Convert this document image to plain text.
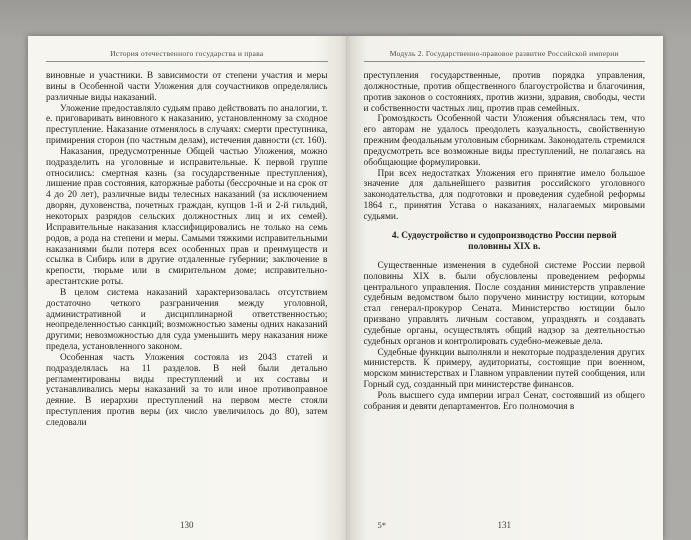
История отечественного государства и права

виновные и участники. В зависимости от степени участия и меры вины в Особенной части Уложения для соучастников определялись различные виды наказаний.

Уложение предоставляло судьям право действовать по аналогии, т. е. приговаривать виновного к наказанию, установленному за сходное преступление. Наказание отменялось в случаях: смерти преступника, примирения сторон (по частным делам), истечения давности (ст. 160).

Наказания, предусмотренные Общей частью Уложения, можно подразделить на уголовные и исправительные. К первой группе относились: смертная казнь (за государственные преступления), лишение прав состояния, каторжные работы (бессрочные и на срок от 4 до 20 лет), различные виды телесных наказаний (за исключением дворян, духовенства, почетных граждан, купцов 1-й и 2-й гильдий, некоторых разрядов сельских должностных лиц и их семей). Исправительные наказания классифицировались не только на семь родов, а рода на степени и меры. Самыми тяжкими исправительными наказаниями были потеря всех особенных прав и преимуществ и ссылка в Сибирь или в другие отдаленные губернии; заключение в крепости, тюрьме или в смирительном доме; исправительно-арестантские роты.

В целом система наказаний характеризовалась отсутствием достаточно четкого разграничения между уголовной, административной и дисциплинарной ответственностью; неопределенностью санкций; возможностью замены одних наказаний другими; невозможностью для суда уменьшить меру наказания ниже предела, установленного законом.

Особенная часть Уложения состояла из 2043 статей и подразделялась на 11 разделов. В ней были детально регламентированы виды преступлений и их составы и устанавливались меры наказаний за то или иное противоправное деяние. В иерархии преступлений на первом месте стояли преступления против веры (их число увеличилось до 80), затем следовали

130
Модуль 2. Государственно-правовое развитие Российской империи

преступления государственные, против порядка управления, должностные, против общественного благоустройства и благочиния, против законов о состояниях, против жизни, здравия, свободы, чести и собственности частных лиц, против прав семейных.

Громоздкость Особенной части Уложения объяснялась тем, что его авторам не удалось преодолеть казуальность, свойственную прежним феодальным уголовным сборникам. Законодатель стремился предусмотреть все возможные виды преступлений, не полагаясь на обобщающие формулировки.

При всех недостатках Уложения его принятие имело большое значение для дальнейшего развития российского уголовного законодательства, для подготовки и проведения судебной реформы 1864 г., принятия Устава о наказаниях, налагаемых мировыми судьями.

4. Судоустройство и судопроизводство России первой половины XIX в.

Существенные изменения в судебной системе России первой половины XIX в. были обусловлены проведением реформы центрального управления. После создания министерств управление судебным ведомством было поручено министру юстиции, которым стал генерал-прокурор Сената. Министерство юстиции было призвано управлять личным составом, упразднять и создавать судебные органы, осуществлять общий надзор за деятельностью судебных органов и контролировать судебно-межевые дела.

Судебные функции выполняли и некоторые подразделения других министерств. К примеру, аудиториаты, состоящие при военном, морском министерствах и Главном управлении путей сообщения, или Горный суд, созданный при министерстве финансов.

Роль высшего суда империи играл Сенат, состоявший из общего собрания и девяти департаментов. Его полномочия в

5*	131
